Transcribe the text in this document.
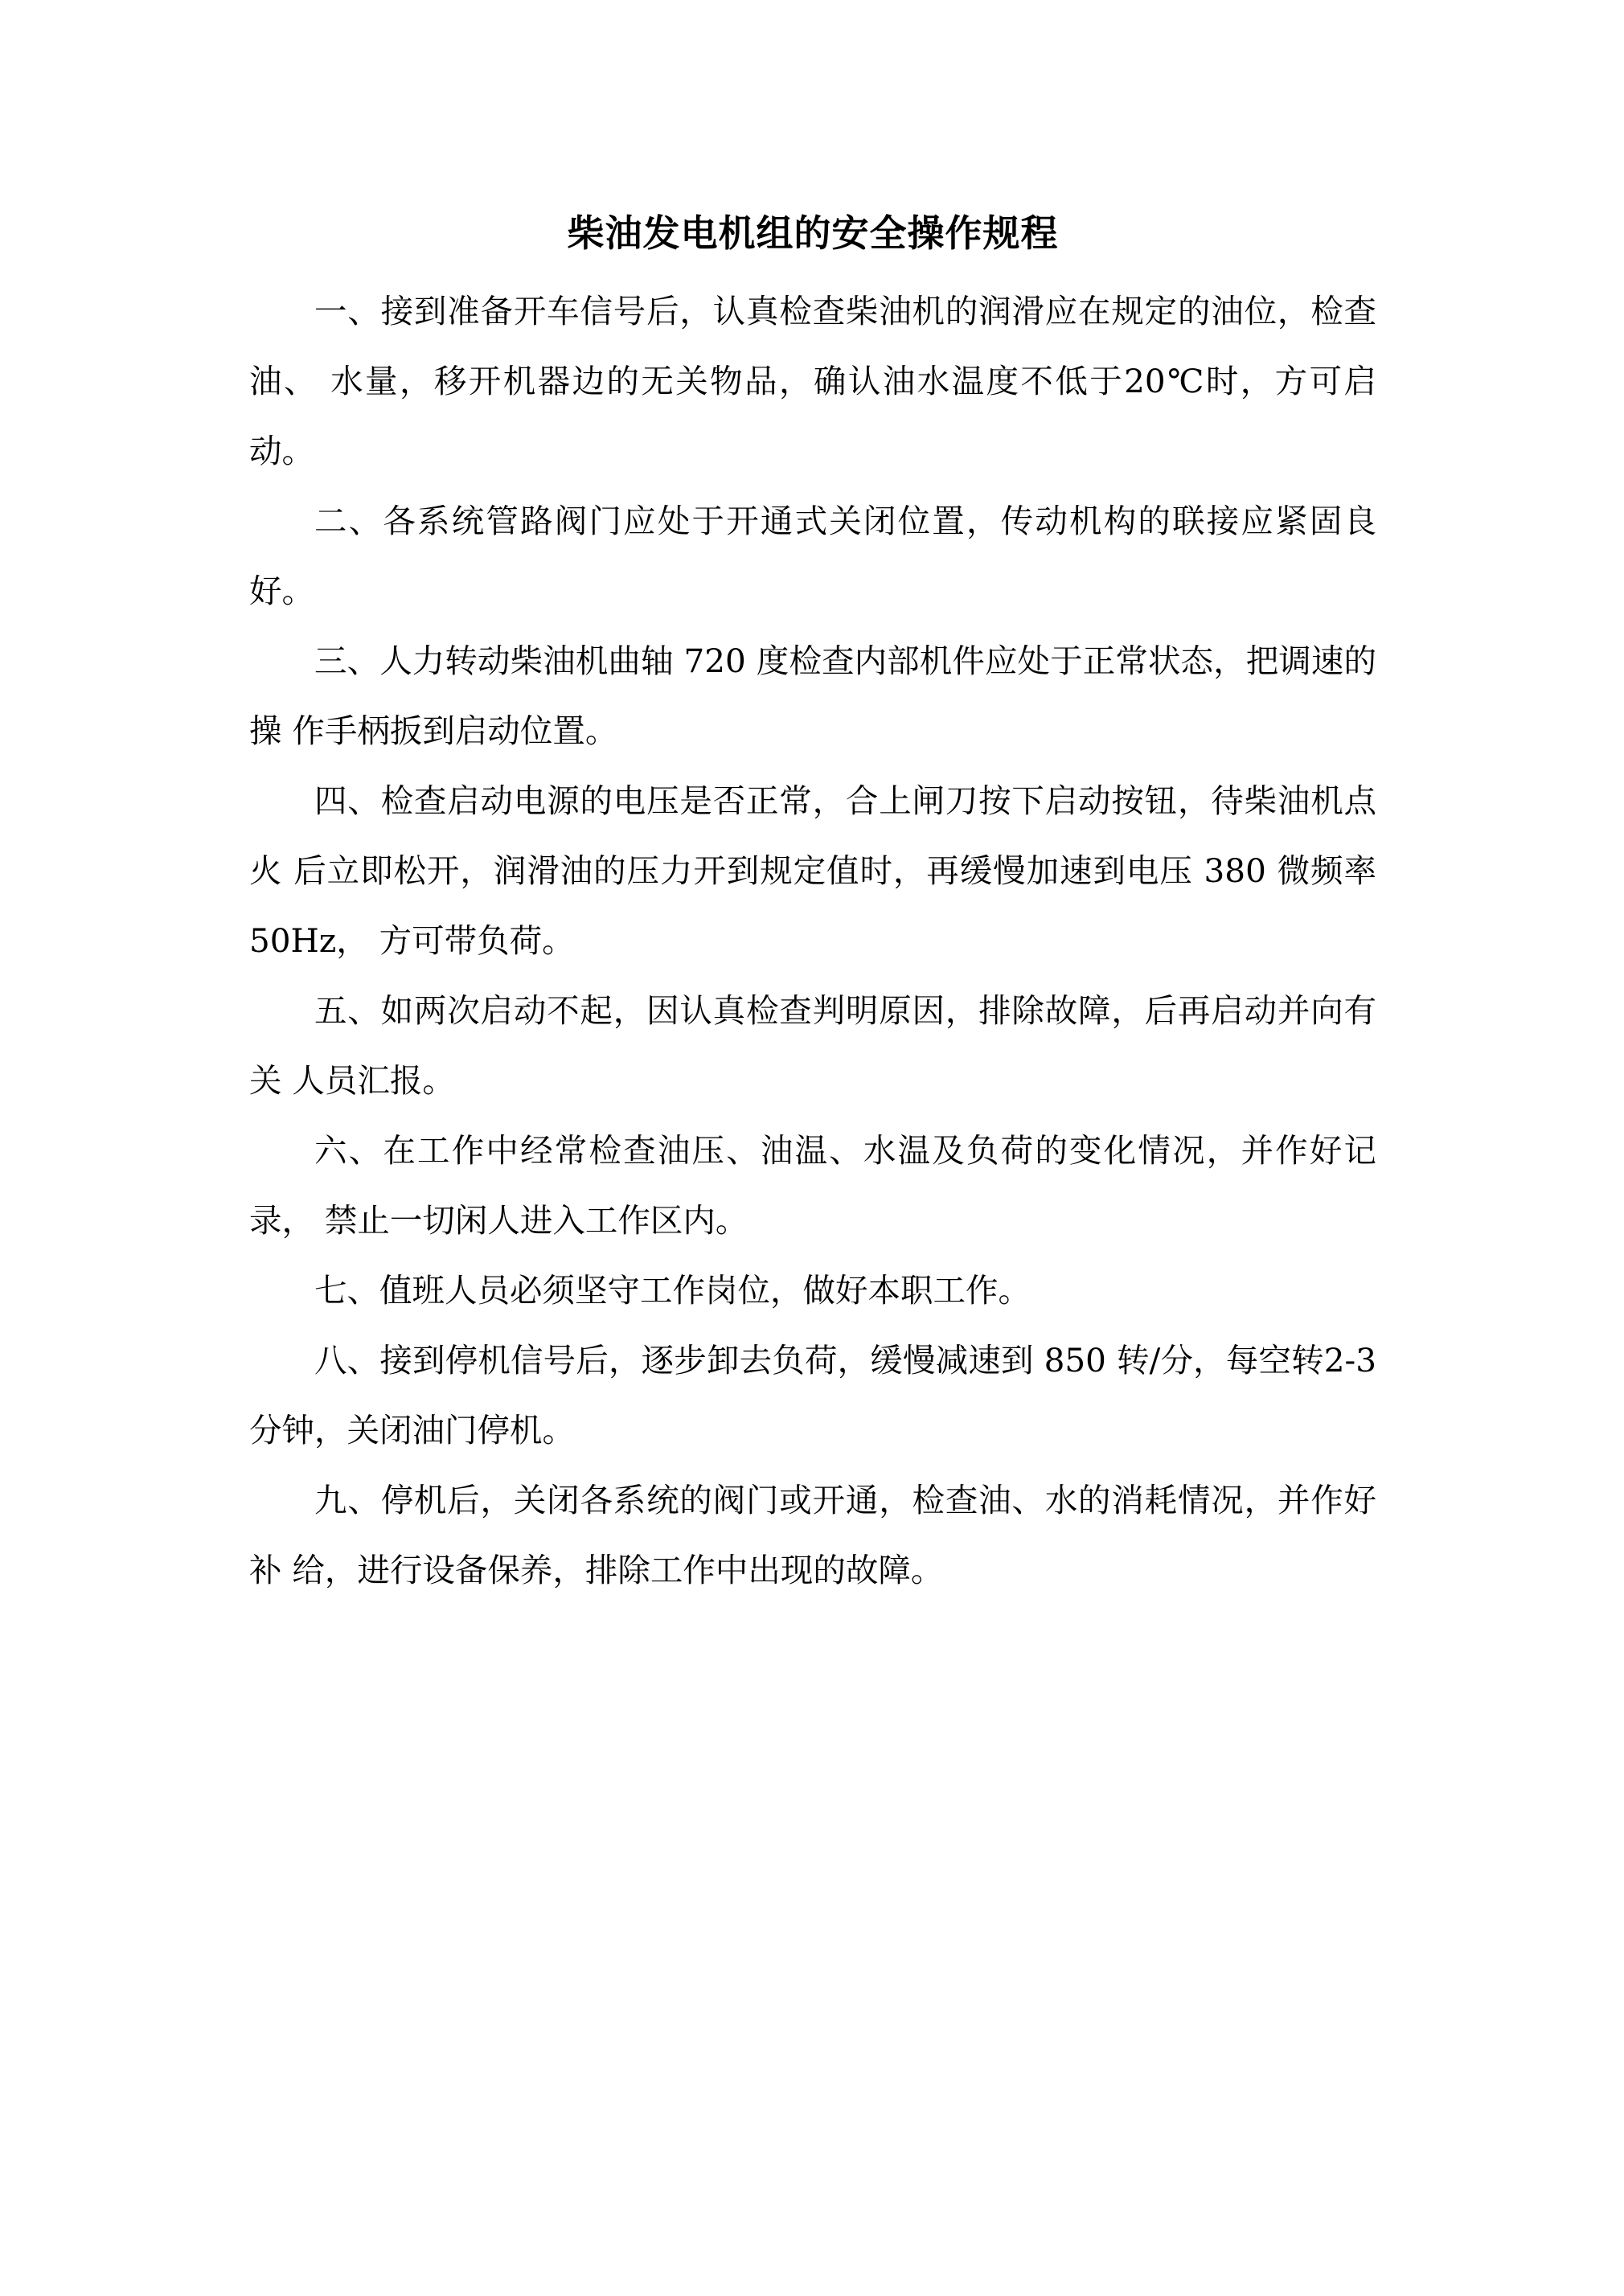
柴油发电机组的安全操作规程

一、接到准备开车信号后，认真检查柴油机的润滑应在规定的油位，检查油、 水量，移开机器边的无关物品，确认油水温度不低于20℃时，方可启动。

二、各系统管路阀门应处于开通式关闭位置，传动机构的联接应紧固良好。

三、人力转动柴油机曲轴 720 度检查内部机件应处于正常状态，把调速的操 作手柄扳到启动位置。

四、检查启动电源的电压是否正常，合上闸刀按下启动按钮，待柴油机点火 后立即松开，润滑油的压力开到规定值时，再缓慢加速到电压 380 微频率 50Hz， 方可带负荷。

五、如两次启动不起，因认真检查判明原因，排除故障，后再启动并向有关 人员汇报。

六、在工作中经常检查油压、油温、水温及负荷的变化情况，并作好记录， 禁止一切闲人进入工作区内。

七、值班人员必须坚守工作岗位，做好本职工作。

八、接到停机信号后，逐步卸去负荷，缓慢减速到 850 转/分，每空转2-3 分钟，关闭油门停机。

九、停机后，关闭各系统的阀门或开通，检查油、水的消耗情况，并作好补 给，进行设备保养，排除工作中出现的故障。
